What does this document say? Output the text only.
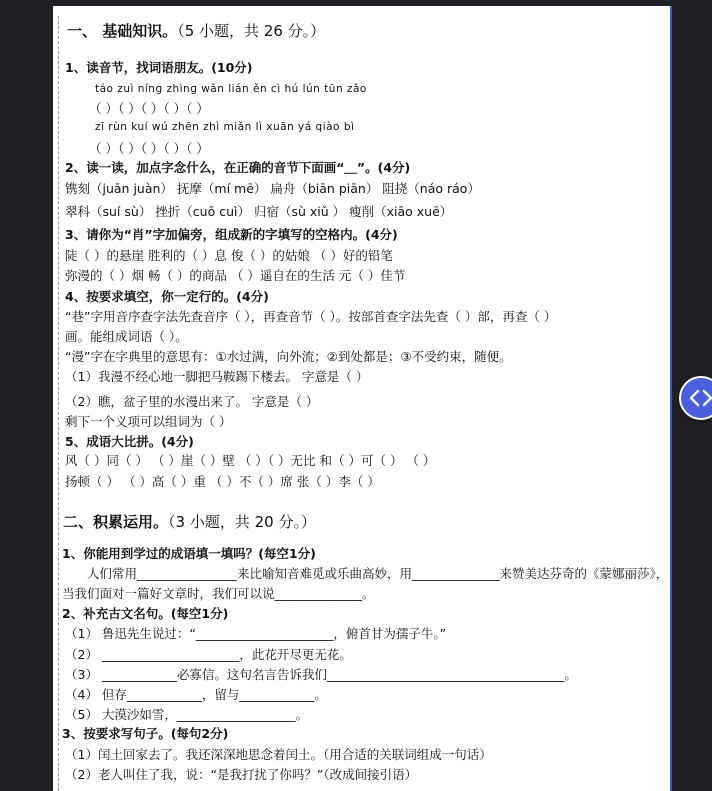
一、 基础知识。（5 小题，共 26 分。）
1、读音节，找词语朋友。(10分)
táo zuì nínɡ zhìnɡ wǎn lián ěn cì hú lún tūn zǎo
（ ）（ ）（ ）（ ）（ ）
zī rùn kuí wú zhēn zhì miǎn lì xuān yá qiào bì
（ ）（ ）（ ）（ ）（ ）
2、读一读，加点字念什么，在正确的音节下面画“＿”。(4分)
镌刻（juān juàn） 抚摩（mí mē） 扁舟（biān piān） 阻挠（náo ráo）
翠科（suí sù） 挫折（cuō cuì） 归宿（sù xiǔ ） 瘦削（xiāo xuē）
3、请你为“肖”字加偏旁，组成新的字填写的空格内。(4分)
陡（ ）的悬崖 胜利的（ ）息 俊（ ）的姑娘 （ ）好的铅笔
弥漫的（ ）烟 畅（ ）的商品 （ ）遥自在的生活 元（ ）佳节
4、按要求填空，你一定行的。(4分)
“巷”字用音序查字法先查音序（ ），再查音节（ ）。按部首查字法先查（ ）部，再查（ ）
画。能组成词语（ ）。
“漫”字在字典里的意思有：①水过满，向外流；②到处都是；③不受约束，随便。
（1）我漫不经心地一脚把马鞍踢下楼去。 字意是（ ）
（2）瞧，盆子里的水漫出来了。 字意是（ ）
剩下一个义项可以组词为（ ）
5、成语大比拼。(4分)
风（ ）同（ ） （ ）崖（ ）壁 （ ）（ ）无比 和（ ）可（ ） （ ）
扬顿（ ） （ ）高（ ）重 （ ）不（ ）席 张（ ）李（ ）
二、积累运用。（3 小题，共 20 分。）
1、你能用到学过的成语填一填吗？(每空1分)
人们常用________________来比喻知音难觅或乐曲高妙，用______________来赞美达芬奇的《蒙娜丽莎》，
当我们面对一篇好文章时，我们可以说______________。
2、补充古文名句。(每空1分)
（1） 鲁迅先生说过：“______________________，俯首甘为孺子牛。”
（2） ______________________，此花开尽更无花。
（3） ____________必寡信。这句名言告诉我们______________________________________。
（4） 但存____________，留与____________。
（5） 大漠沙如雪，___________________。
3、按要求写句子。(每句2分)
（1）闰土回家去了。我还深深地思念着闰土。（用合适的关联词组成一句话）
（2）老人叫住了我，说：“是我打扰了你吗？”（改成间接引语）
